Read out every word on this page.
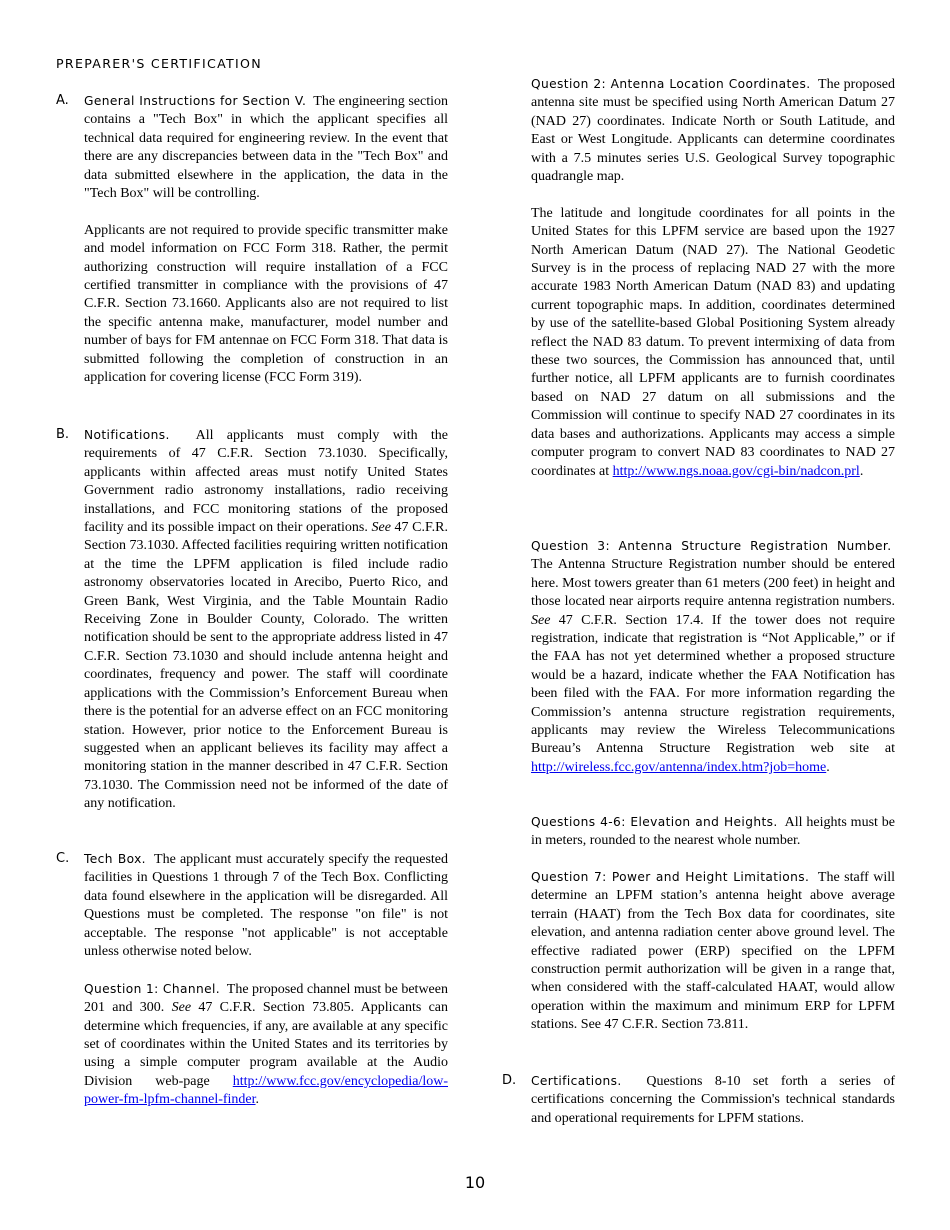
PREPARER'S CERTIFICATION
A. General Instructions for Section V. The engineering section contains a "Tech Box" in which the applicant specifies all technical data required for engineering review. In the event that there are any discrepancies between data in the "Tech Box" and data submitted elsewhere in the application, the data in the "Tech Box" will be controlling.

Applicants are not required to provide specific transmitter make and model information on FCC Form 318. Rather, the permit authorizing construction will require installation of a FCC certified transmitter in compliance with the provisions of 47 C.F.R. Section 73.1660. Applicants also are not required to list the specific antenna make, manufacturer, model number and number of bays for FM antennae on FCC Form 318. That data is submitted following the completion of construction in an application for covering license (FCC Form 319).

B. Notifications. All applicants must comply with the requirements of 47 C.F.R. Section 73.1030. Specifically, applicants within affected areas must notify United States Government radio astronomy installations, radio receiving installations, and FCC monitoring stations of the proposed facility and its possible impact on their operations. See 47 C.F.R. Section 73.1030. Affected facilities requiring written notification at the time the LPFM application is filed include radio astronomy observatories located in Arecibo, Puerto Rico, and Green Bank, West Virginia, and the Table Mountain Radio Receiving Zone in Boulder County, Colorado. The written notification should be sent to the appropriate address listed in 47 C.F.R. Section 73.1030 and should include antenna height and coordinates, frequency and power. The staff will coordinate applications with the Commission’s Enforcement Bureau when there is the potential for an adverse effect on an FCC monitoring station. However, prior notice to the Enforcement Bureau is suggested when an applicant believes its facility may affect a monitoring station in the manner described in 47 C.F.R. Section 73.1030. The Commission need not be informed of the date of any notification.

C. Tech Box. The applicant must accurately specify the requested facilities in Questions 1 through 7 of the Tech Box. Conflicting data found elsewhere in the application will be disregarded. All Questions must be completed. The response "on file" is not acceptable. The response "not applicable" is not acceptable unless otherwise noted below.

Question 1: Channel. The proposed channel must be between 201 and 300. See 47 C.F.R. Section 73.805. Applicants can determine which frequencies, if any, are available at any specific set of coordinates within the United States and its territories by using a simple computer program available at the Audio Division web-page http://www.fcc.gov/encyclopedia/low-power-fm-lpfm-channel-finder.

Question 2: Antenna Location Coordinates. The proposed antenna site must be specified using North American Datum 27 (NAD 27) coordinates. Indicate North or South Latitude, and East or West Longitude. Applicants can determine coordinates with a 7.5 minutes series U.S. Geological Survey topographic quadrangle map.

The latitude and longitude coordinates for all points in the United States for this LPFM service are based upon the 1927 North American Datum (NAD 27). The National Geodetic Survey is in the process of replacing NAD 27 with the more accurate 1983 North American Datum (NAD 83) and updating current topographic maps. In addition, coordinates determined by use of the satellite-based Global Positioning System already reflect the NAD 83 datum. To prevent intermixing of data from these two sources, the Commission has announced that, until further notice, all LPFM applicants are to furnish coordinates based on NAD 27 datum on all submissions and the Commission will continue to specify NAD 27 coordinates in its data bases and authorizations. Applicants may access a simple computer program to convert NAD 83 coordinates to NAD 27 coordinates at http://www.ngs.noaa.gov/cgi-bin/nadcon.prl.

Question 3: Antenna Structure Registration Number.  The Antenna Structure Registration number should be entered here. Most towers greater than 61 meters (200 feet) in height and those located near airports require antenna registration numbers. See 47 C.F.R. Section 17.4. If the tower does not require registration, indicate that registration is “Not Applicable,” or if the FAA has not yet determined whether a proposed structure would be a hazard, indicate whether the FAA Notification has been filed with the FAA. For more information regarding the Commission’s antenna structure registration requirements, applicants may review the Wireless Telecommunications Bureau’s Antenna Structure Registration web site at http://wireless.fcc.gov/antenna/index.htm?job=home.

Questions 4-6: Elevation and Heights. All heights must be in meters, rounded to the nearest whole number.

Question 7: Power and Height Limitations. The staff will determine an LPFM station’s antenna height above average terrain (HAAT) from the Tech Box data for coordinates, site elevation, and antenna radiation center above ground level. The effective radiated power (ERP) specified on the LPFM construction permit authorization will be given in a range that, when considered with the staff-calculated HAAT, would allow operation within the maximum and minimum ERP for LPFM stations. See 47 C.F.R. Section 73.811.

D. Certifications. Questions 8-10 set forth a series of certifications concerning the Commission's technical standards and operational requirements for LPFM stations.

10
